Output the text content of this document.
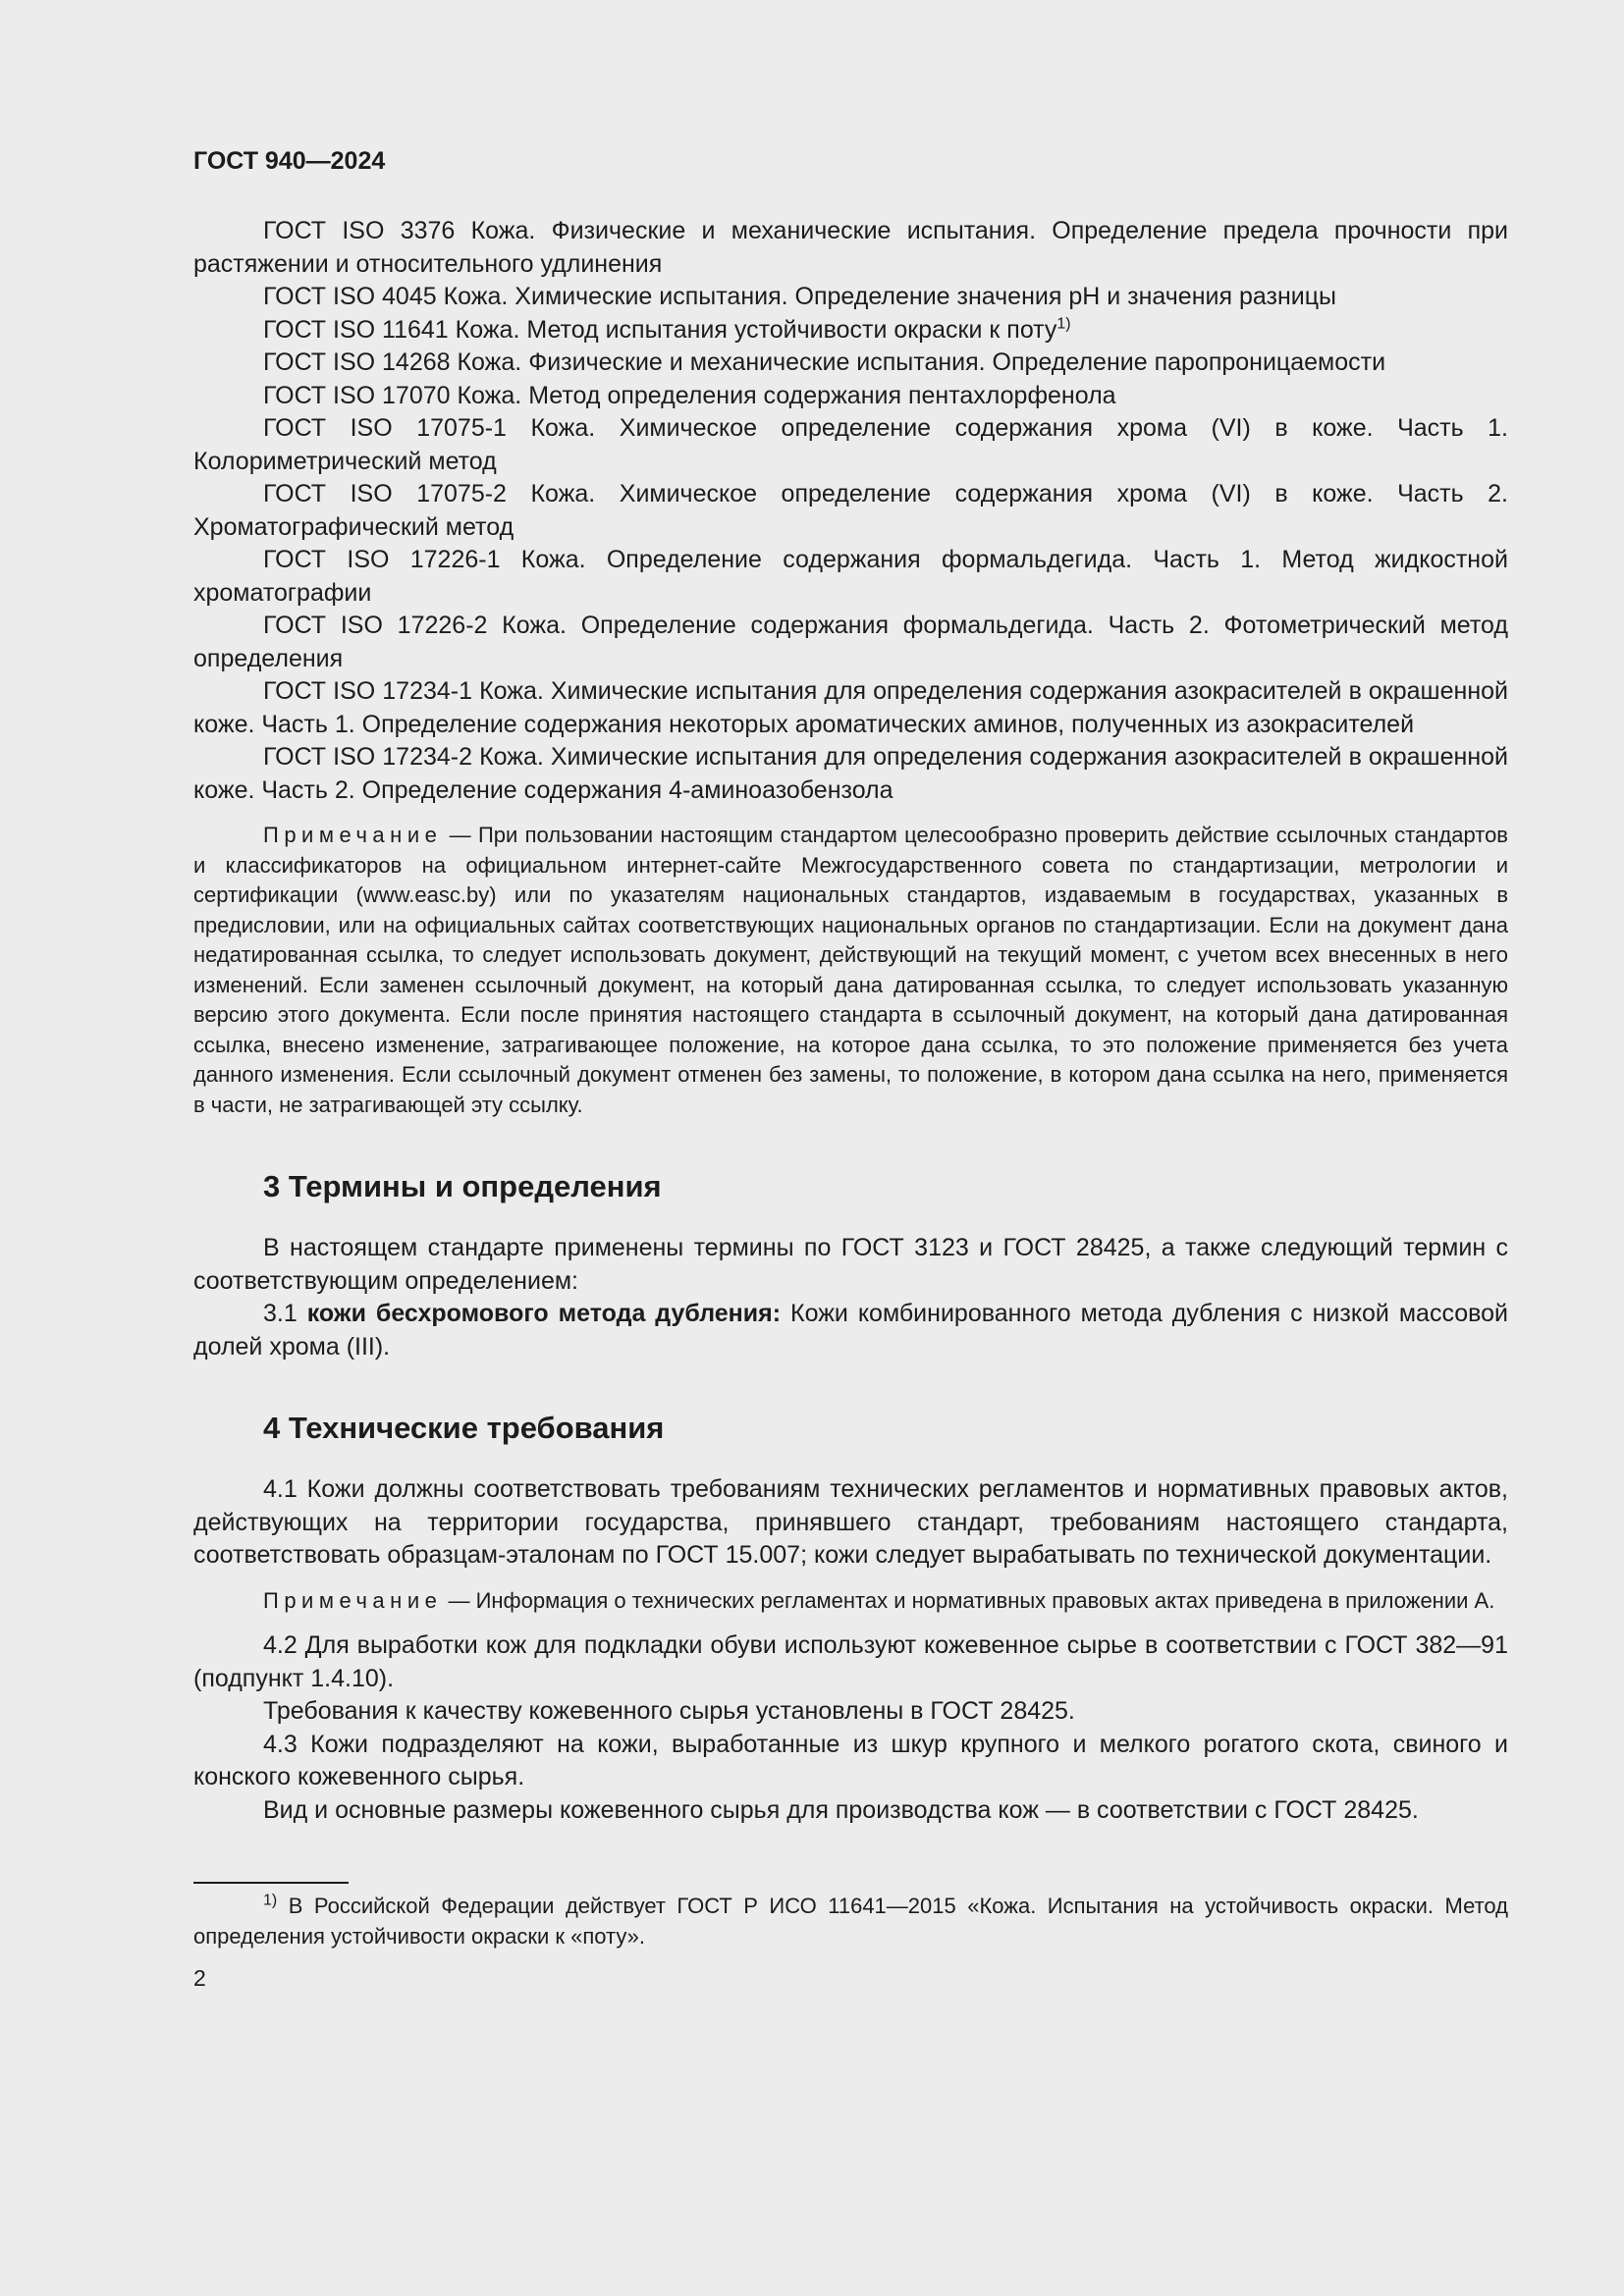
ГОСТ 940—2024

ГОСТ ISO 3376 Кожа. Физические и механические испытания. Определение предела прочности при растяжении и относительного удлинения

ГОСТ ISO 4045 Кожа. Химические испытания. Определение значения pH и значения разницы

ГОСТ ISO 11641 Кожа. Метод испытания устойчивости окраски к поту$^{1)}$

ГОСТ ISO 14268 Кожа. Физические и механические испытания. Определение паропроницаемости

ГОСТ ISO 17070 Кожа. Метод определения содержания пентахлорфенола

ГОСТ ISO 17075-1 Кожа. Химическое определение содержания хрома (VI) в коже. Часть 1. Колориметрический метод

ГОСТ ISO 17075-2 Кожа. Химическое определение содержания хрома (VI) в коже. Часть 2. Хроматографический метод

ГОСТ ISO 17226-1 Кожа. Определение содержания формальдегида. Часть 1. Метод жидкостной хроматографии

ГОСТ ISO 17226-2 Кожа. Определение содержания формальдегида. Часть 2. Фотометрический метод определения

ГОСТ ISO 17234-1 Кожа. Химические испытания для определения содержания азокрасителей в окрашенной коже. Часть 1. Определение содержания некоторых ароматических аминов, полученных из азокрасителей

ГОСТ ISO 17234-2 Кожа. Химические испытания для определения содержания азокрасителей в окрашенной коже. Часть 2. Определение содержания 4-аминоазобензола

Примечание — При пользовании настоящим стандартом целесообразно проверить действие ссылочных стандартов и классификаторов на официальном интернет-сайте Межгосударственного совета по стандартизации, метрологии и сертификации (www.easc.by) или по указателям национальных стандартов, издаваемым в государствах, указанных в предисловии, или на официальных сайтах соответствующих национальных органов по стандартизации. Если на документ дана недатированная ссылка, то следует использовать документ, действующий на текущий момент, с учетом всех внесенных в него изменений. Если заменен ссылочный документ, на который дана датированная ссылка, то следует использовать указанную версию этого документа. Если после принятия настоящего стандарта в ссылочный документ, на который дана датированная ссылка, внесено изменение, затрагивающее положение, на которое дана ссылка, то это положение применяется без учета данного изменения. Если ссылочный документ отменен без замены, то положение, в котором дана ссылка на него, применяется в части, не затрагивающей эту ссылку.

3 Термины и определения

В настоящем стандарте применены термины по ГОСТ 3123 и ГОСТ 28425, а также следующий термин с соответствующим определением:

3.1 кожи бесхромового метода дубления: Кожи комбинированного метода дубления с низкой массовой долей хрома (III).

4 Технические требования

4.1 Кожи должны соответствовать требованиям технических регламентов и нормативных правовых актов, действующих на территории государства, принявшего стандарт, требованиям настоящего стандарта, соответствовать образцам-эталонам по ГОСТ 15.007; кожи следует вырабатывать по технической документации.

Примечание — Информация о технических регламентах и нормативных правовых актах приведена в приложении А.

4.2 Для выработки кож для подкладки обуви используют кожевенное сырье в соответствии с ГОСТ 382—91 (подпункт 1.4.10).

Требования к качеству кожевенного сырья установлены в ГОСТ 28425.

4.3 Кожи подразделяют на кожи, выработанные из шкур крупного и мелкого рогатого скота, свиного и конского кожевенного сырья.

Вид и основные размеры кожевенного сырья для производства кож — в соответствии с ГОСТ 28425.

$^{1)}$ В Российской Федерации действует ГОСТ Р ИСО 11641—2015 «Кожа. Испытания на устойчивость окраски. Метод определения устойчивости окраски к «поту».

2
